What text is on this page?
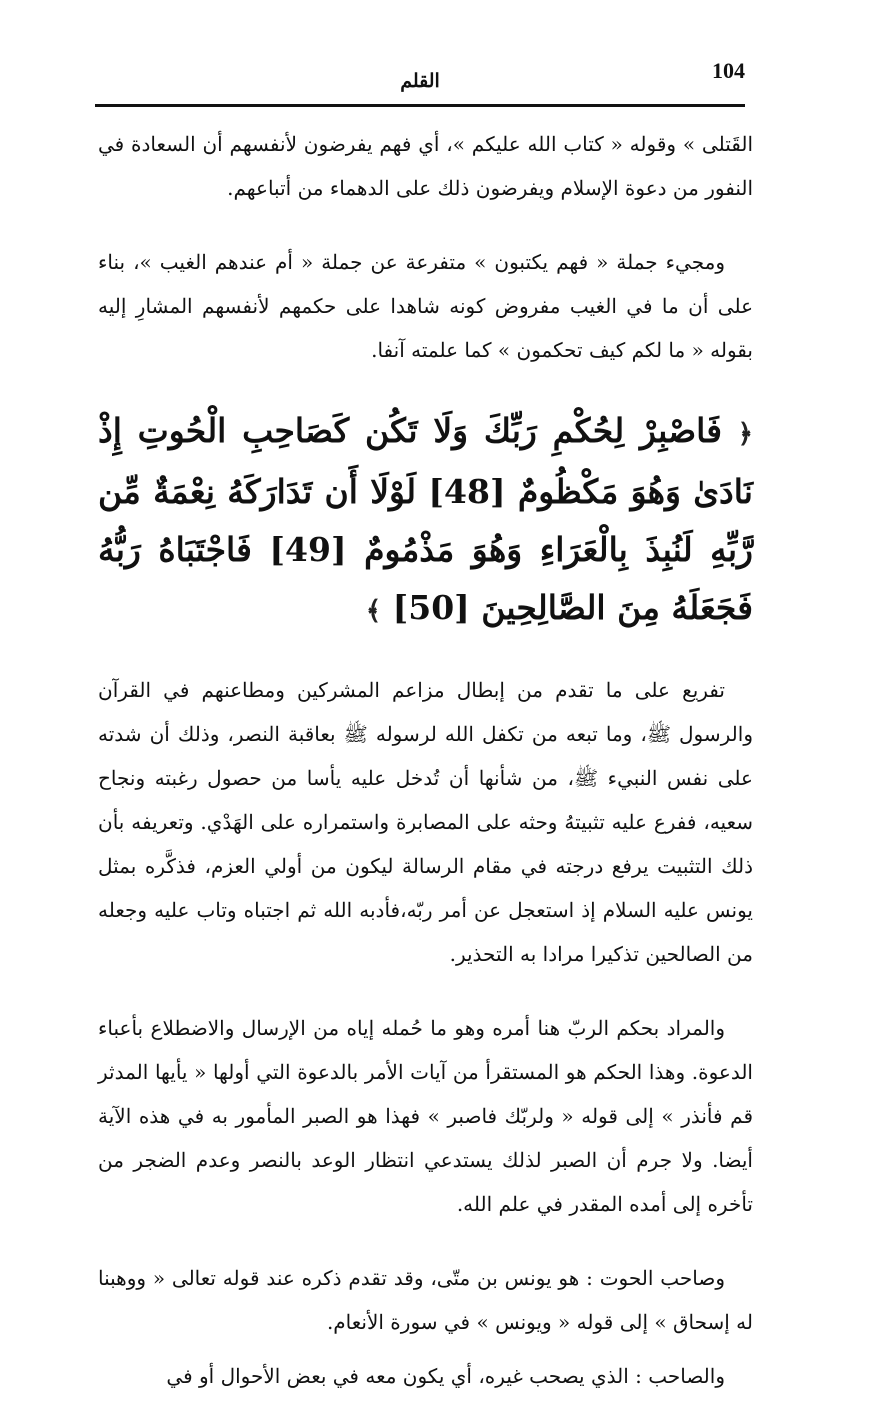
104
القلم

القَتلى » وقوله « كتاب الله عليكم »، أي فهم يفرضون لأنفسهم أن السعادة في النفور من دعوة الإسلام ويفرضون ذلك على الدهماء من أتباعهم.

ومجيء جملة « فهم يكتبون » متفرعة عن جملة « أم عندهم الغيب »، بناء على أن ما في الغيب مفروض كونه شاهدا على حكمهم لأنفسهم المشارِ إليه بقوله « ما لكم كيف تحكمون » كما علمته آنفا.

﴿ فَاصْبِرْ لِحُكْمِ رَبِّكَ وَلَا تَكُن كَصَاحِبِ الْحُوتِ إِذْ نَادَىٰ وَهُوَ مَكْظُومٌ [48] لَوْلَا أَن تَدَارَكَهُ نِعْمَةٌ مِّن رَّبِّهِ لَنُبِذَ بِالْعَرَاءِ وَهُوَ مَذْمُومٌ [49] فَاجْتَبَاهُ رَبُّهُ فَجَعَلَهُ مِنَ الصَّالِحِينَ [50] ﴾

تفريع على ما تقدم من إبطال مزاعم المشركين ومطاعنهم في القرآن والرسول ﷺ، وما تبعه من تكفل الله لرسوله ﷺ بعاقبة النصر، وذلك أن شدته على نفس النبيء ﷺ، من شأنها أن تُدخل عليه يأسا من حصول رغبته ونجاح سعيه، ففرع عليه تثبيتهُ وحثه على المصابرة واستمراره على الهَدْي. وتعريفه بأن ذلك التثبيت يرفع درجته في مقام الرسالة ليكون من أولي العزم، فذكَّره بمثل يونس عليه السلام إذ استعجل عن أمر ربّه،فأدبه الله ثم اجتباه وتاب عليه وجعله من الصالحين تذكيرا مرادا به التحذير.

والمراد بحكم الربّ هنا أمره وهو ما حُمله إياه من الإرسال والاضطلاع بأعباء الدعوة. وهذا الحكم هو المستقرأ من آيات الأمر بالدعوة التي أولها « يأيها المدثر قم فأنذر » إلى قوله « ولربّك فاصبر » فهذا هو الصبر المأمور به في هذه الآية أيضا. ولا جرم أن الصبر لذلك يستدعي انتظار الوعد بالنصر وعدم الضجر من تأخره إلى أمده المقدر في علم الله.

وصاحب الحوت : هو يونس بن متّى، وقد تقدم ذكره عند قوله تعالى « ووهبنا له إسحاق » إلى قوله « ويونس » في سورة الأنعام.

والصاحب : الذي يصحب غيره، أي يكون معه في بعض الأحوال أو في
